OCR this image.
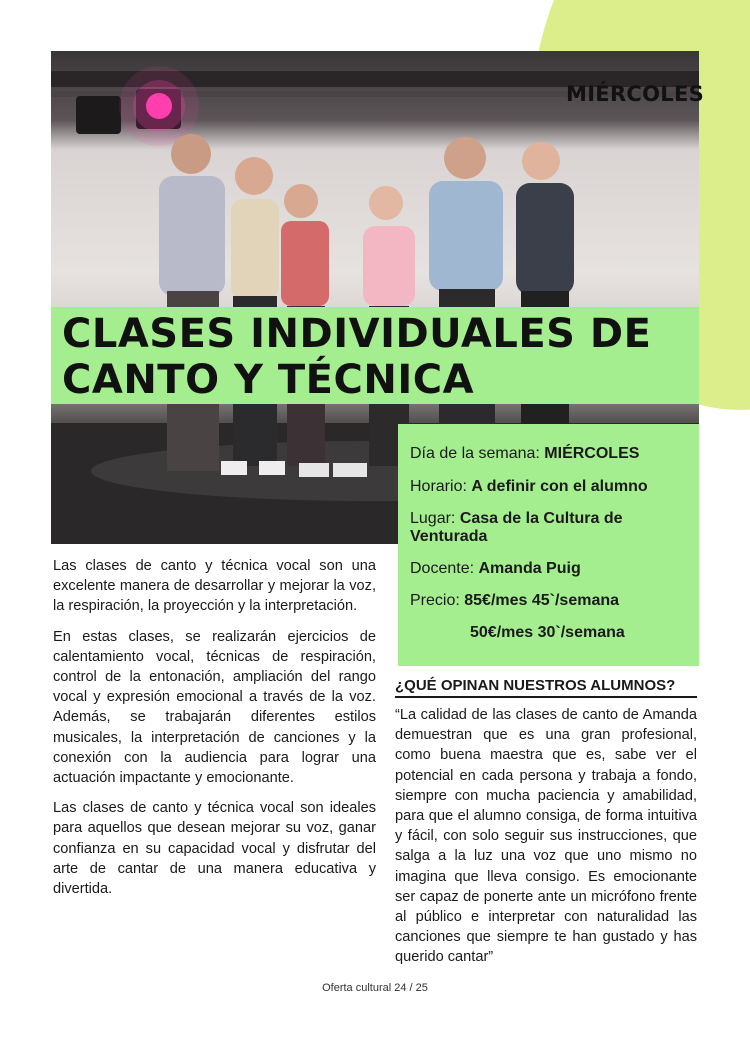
MIÉRCOLES
CLASES INDIVIDUALES DE
CANTO Y TÉCNICA
Día de la semana: MIÉRCOLES
Horario: A definir con el alumno
Lugar: Casa de la Cultura de
Venturada
Docente: Amanda Puig
Precio: 85€/mes 45`/semana
50€/mes 30`/semana

Las clases de canto y técnica vocal son una excelente manera de desarrollar y mejorar la voz, la respiración, la proyección y la interpretación.

En estas clases, se realizarán ejercicios de calentamiento vocal, técnicas de respiración, control de la entonación, ampliación del rango vocal y expresión emocional a través de la voz. Además, se trabajarán diferentes estilos musicales, la interpretación de canciones y la conexión con la audiencia para lograr una actuación impactante y emocionante.

Las clases de canto y técnica vocal son ideales para aquellos que desean mejorar su voz, ganar confianza en su capacidad vocal y disfrutar del arte de cantar de una manera educativa y divertida.

¿QUÉ OPINAN NUESTROS ALUMNOS?

“La calidad de las clases de canto de Amanda demuestran que es una gran profesional, como buena maestra que es, sabe ver el potencial en cada persona y trabaja a fondo, siempre con mucha paciencia y amabilidad, para que el alumno consiga, de forma intuitiva y fácil, con solo seguir sus instrucciones, que salga a la luz una voz que uno mismo no imagina que lleva consigo. Es emocionante ser capaz de ponerte ante un micrófono frente al público e interpretar con naturalidad las canciones que siempre te han gustado y has querido cantar”

Oferta cultural 24 / 25
